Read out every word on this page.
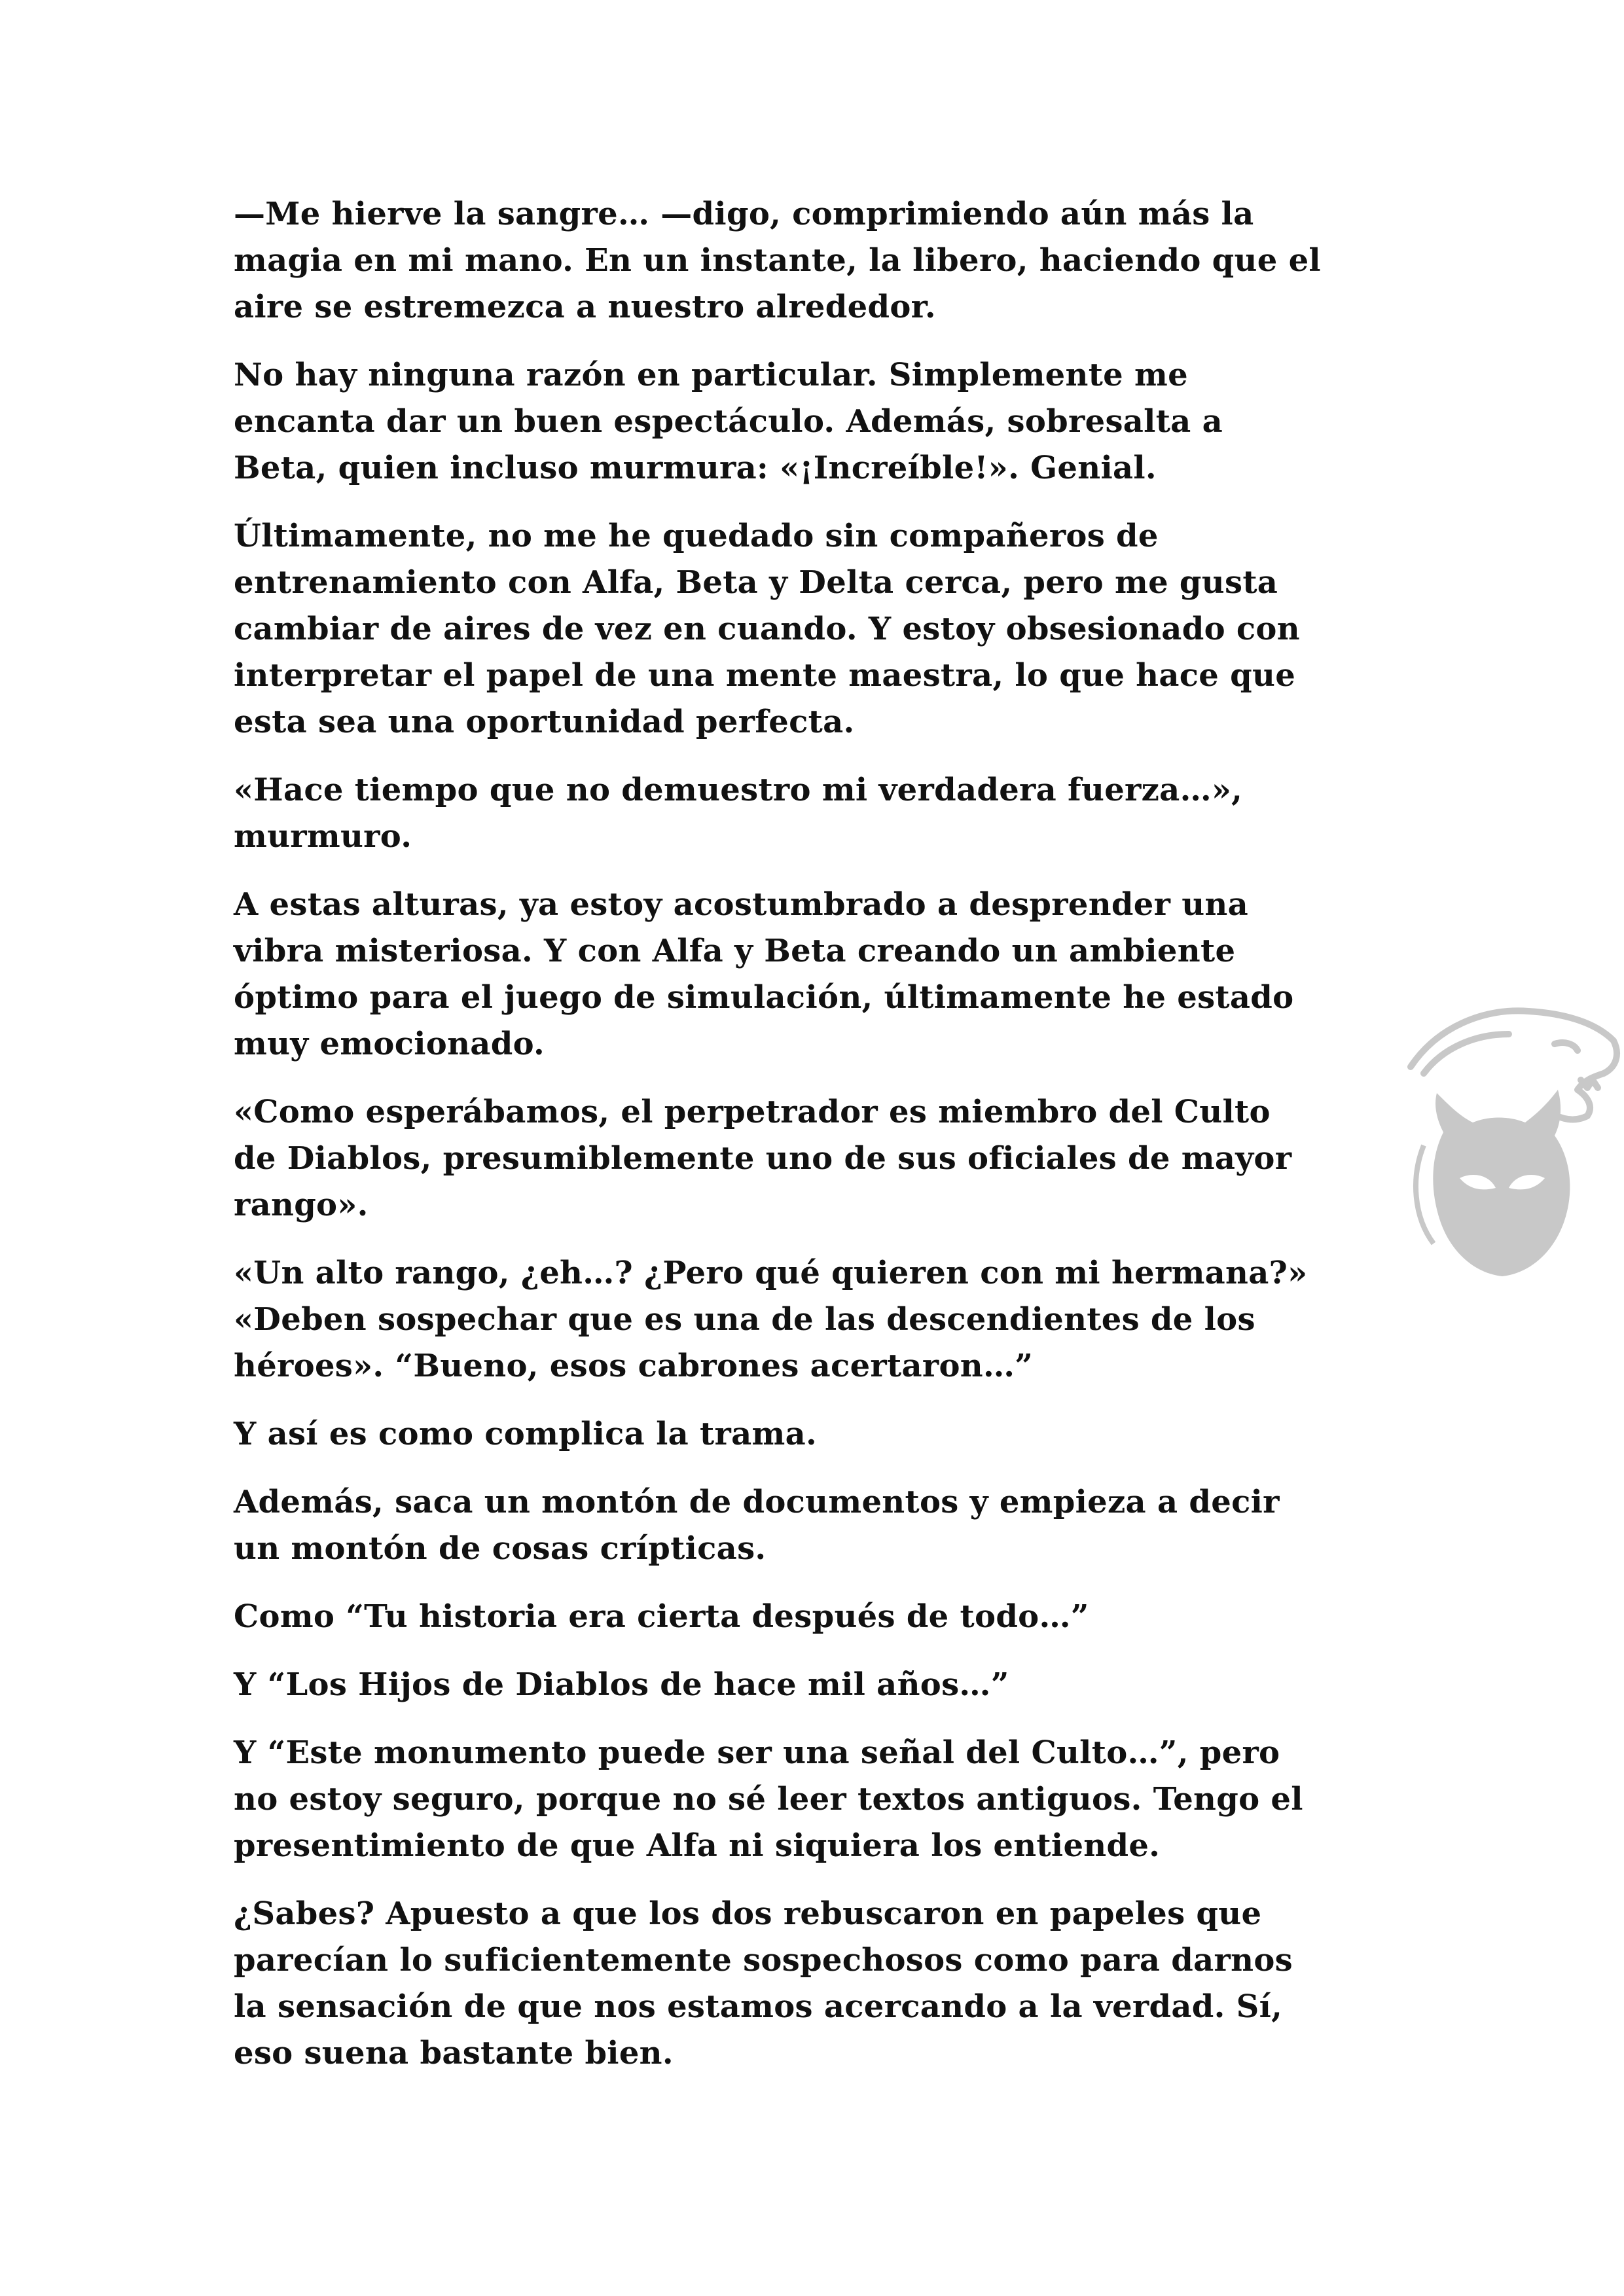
—Me hierve la sangre… —digo, comprimiendo aún más la
magia en mi mano. En un instante, la libero, haciendo que el
aire se estremezca a nuestro alrededor.

No hay ninguna razón en particular. Simplemente me
encanta dar un buen espectáculo. Además, sobresalta a
Beta, quien incluso murmura: «¡Increíble!». Genial.

Últimamente, no me he quedado sin compañeros de
entrenamiento con Alfa, Beta y Delta cerca, pero me gusta
cambiar de aires de vez en cuando. Y estoy obsesionado con
interpretar el papel de una mente maestra, lo que hace que
esta sea una oportunidad perfecta.

«Hace tiempo que no demuestro mi verdadera fuerza…»,
murmuro.

A estas alturas, ya estoy acostumbrado a desprender una
vibra misteriosa. Y con Alfa y Beta creando un ambiente
óptimo para el juego de simulación, últimamente he estado
muy emocionado.

«Como esperábamos, el perpetrador es miembro del Culto
de Diablos, presumiblemente uno de sus oficiales de mayor
rango».

«Un alto rango, ¿eh…? ¿Pero qué quieren con mi hermana?»
«Deben sospechar que es una de las descendientes de los
héroes». “Bueno, esos cabrones acertaron…”

Y así es como complica la trama.

Además, saca un montón de documentos y empieza a decir
un montón de cosas crípticas.

Como “Tu historia era cierta después de todo…”

Y “Los Hijos de Diablos de hace mil años…”

Y “Este monumento puede ser una señal del Culto…”, pero
no estoy seguro, porque no sé leer textos antiguos. Tengo el
presentimiento de que Alfa ni siquiera los entiende.

¿Sabes? Apuesto a que los dos rebuscaron en papeles que
parecían lo suficientemente sospechosos como para darnos
la sensación de que nos estamos acercando a la verdad. Sí,
eso suena bastante bien.
